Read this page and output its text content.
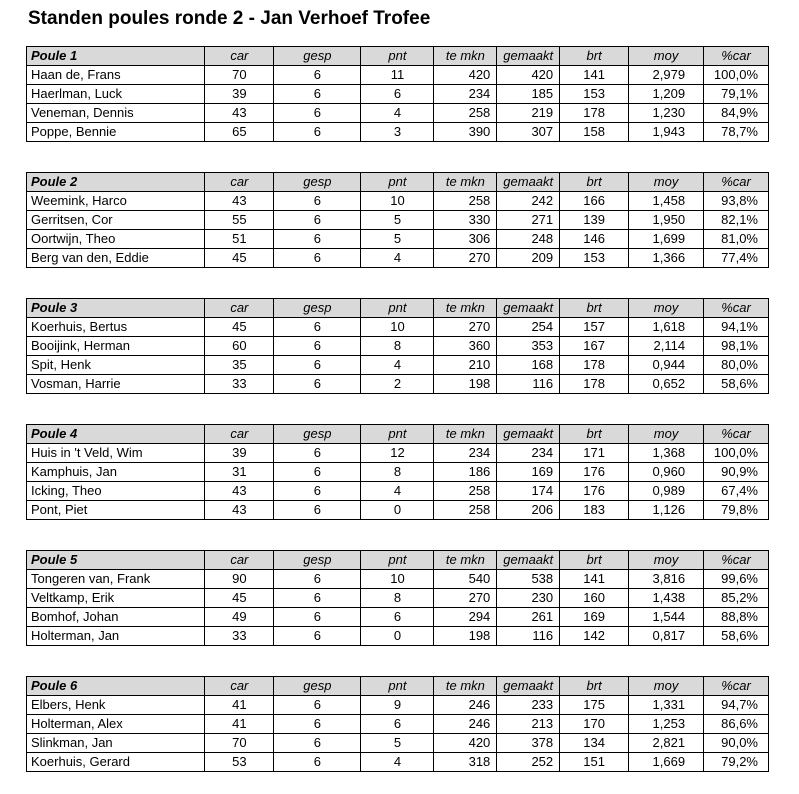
Standen poules ronde 2 - Jan Verhoef Trofee
Poule 1	car	gesp	pnt	te mkn	gemaakt	brt	moy	%car
Haan de, Frans	70	6	11	420	420	141	2,979	100,0%
Haerlman, Luck	39	6	6	234	185	153	1,209	79,1%
Veneman, Dennis	43	6	4	258	219	178	1,230	84,9%
Poppe, Bennie	65	6	3	390	307	158	1,943	78,7%
Poule 2	car	gesp	pnt	te mkn	gemaakt	brt	moy	%car
Weemink, Harco	43	6	10	258	242	166	1,458	93,8%
Gerritsen, Cor	55	6	5	330	271	139	1,950	82,1%
Oortwijn, Theo	51	6	5	306	248	146	1,699	81,0%
Berg van den, Eddie	45	6	4	270	209	153	1,366	77,4%
Poule 3	car	gesp	pnt	te mkn	gemaakt	brt	moy	%car
Koerhuis, Bertus	45	6	10	270	254	157	1,618	94,1%
Booijink, Herman	60	6	8	360	353	167	2,114	98,1%
Spit, Henk	35	6	4	210	168	178	0,944	80,0%
Vosman, Harrie	33	6	2	198	116	178	0,652	58,6%
Poule 4	car	gesp	pnt	te mkn	gemaakt	brt	moy	%car
Huis in 't Veld, Wim	39	6	12	234	234	171	1,368	100,0%
Kamphuis, Jan	31	6	8	186	169	176	0,960	90,9%
Icking, Theo	43	6	4	258	174	176	0,989	67,4%
Pont, Piet	43	6	0	258	206	183	1,126	79,8%
Poule 5	car	gesp	pnt	te mkn	gemaakt	brt	moy	%car
Tongeren van, Frank	90	6	10	540	538	141	3,816	99,6%
Veltkamp, Erik	45	6	8	270	230	160	1,438	85,2%
Bomhof, Johan	49	6	6	294	261	169	1,544	88,8%
Holterman, Jan	33	6	0	198	116	142	0,817	58,6%
Poule 6	car	gesp	pnt	te mkn	gemaakt	brt	moy	%car
Elbers, Henk	41	6	9	246	233	175	1,331	94,7%
Holterman, Alex	41	6	6	246	213	170	1,253	86,6%
Slinkman, Jan	70	6	5	420	378	134	2,821	90,0%
Koerhuis, Gerard	53	6	4	318	252	151	1,669	79,2%
